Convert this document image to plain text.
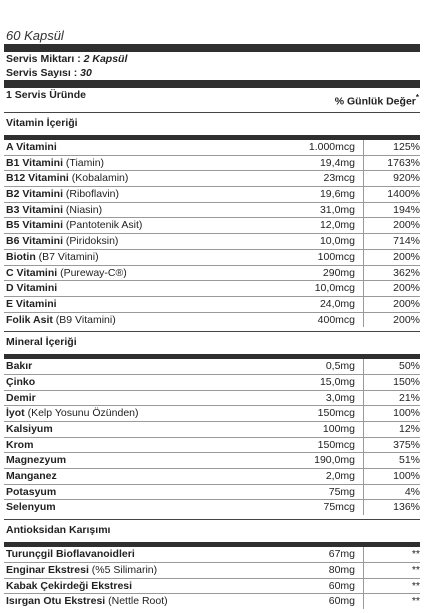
60 Kapsül
Servis Miktarı : 2 Kapsül
Servis Sayısı : 30
1 Servis Üründe
% Günlük Değer*
Vitamin İçeriği
A Vitamini	1.000mcg	125%
B1 Vitamini (Tiamin)	19,4mg	1763%
B12 Vitamini (Kobalamin)	23mcg	920%
B2 Vitamini (Riboflavin)	19,6mg	1400%
B3 Vitamini (Niasin)	31,0mg	194%
B5 Vitamini (Pantotenik Asit)	12,0mg	200%
B6 Vitamini (Piridoksin)	10,0mg	714%
Biotin (B7 Vitamini)	100mcg	200%
C Vitamini (Pureway-C®)	290mg	362%
D Vitamini	10,0mcg	200%
E Vitamini	24,0mg	200%
Folik Asit (B9 Vitamini)	400mcg	200%
Mineral İçeriği
Bakır	0,5mg	50%
Çinko	15,0mg	150%
Demir	3,0mg	21%
İyot (Kelp Yosunu Özünden)	150mcg	100%
Kalsiyum	100mg	12%
Krom	150mcg	375%
Magnezyum	190,0mg	51%
Manganez	2,0mg	100%
Potasyum	75mg	4%
Selenyum	75mcg	136%
Antioksidan Karışımı
Turunçgil Bioflavanoidleri	67mg	**
Enginar Ekstresi (%5 Silimarin)	80mg	**
Kabak Çekirdeği Ekstresi	60mg	**
Isırgan Otu Ekstresi (Nettle Root)	60mg	**
